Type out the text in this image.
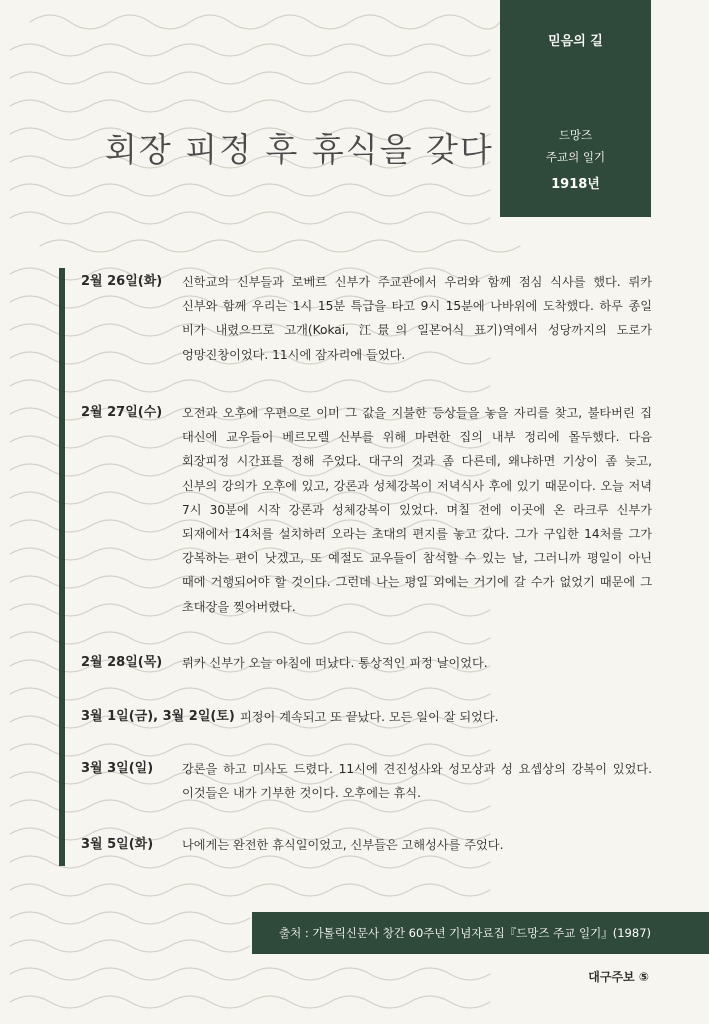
믿음의 길
드망즈
주교의 일기
1918년
회장 피정 후 휴식을 갖다
2월 26일(화) 신학교의 신부들과 로베르 신부가 주교관에서 우리와 함께 점심 식사를 했다. 뤼카 신부와 함께 우리는 1시 15분 특급을 타고 9시 15분에 나바위에 도착했다. 하루 종일 비가 내렸으므로 고개(Kokai, 江景의 일본어식 표기)역에서 성당까지의 도로가 엉망진창이었다. 11시에 잠자리에 들었다.
2월 27일(수) 오전과 오후에 우편으로 이미 그 값을 지불한 등상들을 놓을 자리를 찾고, 불타버린 집 대신에 교우들이 베르모렐 신부를 위해 마련한 집의 내부 정리에 몰두했다. 다음 회장피정 시간표를 정해 주었다. 대구의 것과 좀 다른데, 왜냐하면 기상이 좀 늦고, 신부의 강의가 오후에 있고, 강론과 성체강복이 저녁식사 후에 있기 때문이다. 오늘 저녁 7시 30분에 시작 강론과 성체강복이 있었다. 며칠 전에 이곳에 온 라크루 신부가 되재에서 14처를 설치하러 오라는 초대의 편지를 놓고 갔다. 그가 구입한 14처를 그가 강복하는 편이 낫겠고, 또 예절도 교우들이 참석할 수 있는 날, 그러니까 평일이 아닌 때에 거행되어야 할 것이다. 그런데 나는 평일 외에는 거기에 갈 수가 없었기 때문에 그 초대장을 찢어버렸다.
2월 28일(목) 뤼카 신부가 오늘 아침에 떠났다. 통상적인 피정 날이었다.
3월 1일(금), 3월 2일(토) 피정이 계속되고 또 끝났다. 모든 일이 잘 되었다.
3월 3일(일) 강론을 하고 미사도 드렸다. 11시에 견진성사와 성모상과 성 요셉상의 강복이 있었다. 이것들은 내가 기부한 것이다. 오후에는 휴식.
3월 5일(화) 나에게는 완전한 휴식일이었고, 신부들은 고해성사를 주었다.
출처 : 가톨릭신문사 창간 60주년 기념자료집『드망즈 주교 일기』(1987)
대구주보 ⑤
